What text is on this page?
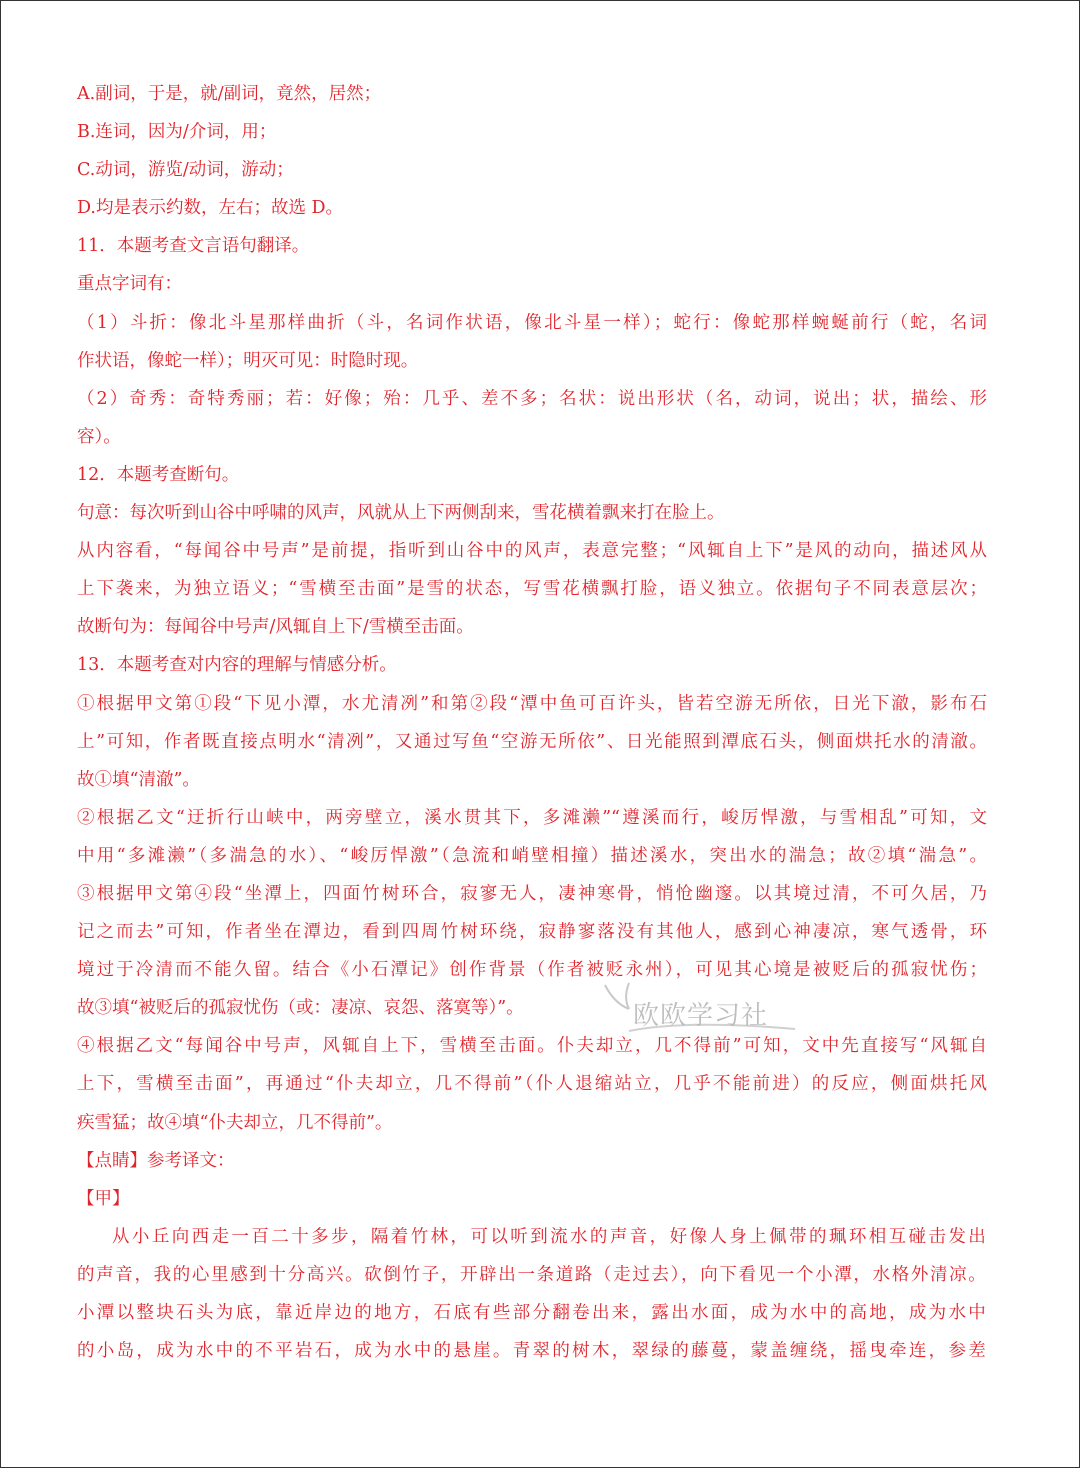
A.副词，于是，就/副词，竟然，居然；
B.连词，因为/介词，用；
C.动词，游览/动词，游动；
D.均是表示约数，左右；故选 D。
11．本题考查文言语句翻译。
重点字词有：
（1）斗折：像北斗星那样曲折（斗，名词作状语，像北斗星一样）；蛇行：像蛇那样蜿蜒前行（蛇，名词
作状语，像蛇一样）；明灭可见：时隐时现。
（2）奇秀：奇特秀丽；若：好像；殆：几乎、差不多；名状：说出形状（名，动词，说出；状，描绘、形
容）。
12．本题考查断句。
句意：每次听到山谷中呼啸的风声，风就从上下两侧刮来，雪花横着飘来打在脸上。
从内容看，“每闻谷中号声”是前提，指听到山谷中的风声，表意完整；“风辄自上下”是风的动向，描述风从
上下袭来，为独立语义；“雪横至击面”是雪的状态，写雪花横飘打脸，语义独立。依据句子不同表意层次；
故断句为：每闻谷中号声/风辄自上下/雪横至击面。
13．本题考查对内容的理解与情感分析。
①根据甲文第①段“下见小潭，水尤清冽”和第②段“潭中鱼可百许头，皆若空游无所依，日光下澈，影布石
上”可知，作者既直接点明水“清冽”，又通过写鱼“空游无所依”、日光能照到潭底石头，侧面烘托水的清澈。
故①填“清澈”。
②根据乙文“迂折行山峡中，两旁壁立，溪水贯其下，多滩濑”“遵溪而行，峻厉悍激，与雪相乱”可知，文
中用“多滩濑”（多湍急的水）、“峻厉悍激”（急流和峭壁相撞）描述溪水，突出水的湍急；故②填“湍急”。
③根据甲文第④段“坐潭上，四面竹树环合，寂寥无人，凄神寒骨，悄怆幽邃。以其境过清，不可久居，乃
记之而去”可知，作者坐在潭边，看到四周竹树环绕，寂静寥落没有其他人，感到心神凄凉，寒气透骨，环
境过于冷清而不能久留。结合《小石潭记》创作背景（作者被贬永州），可见其心境是被贬后的孤寂忧伤；
故③填“被贬后的孤寂忧伤（或：凄凉、哀怨、落寞等）”。
④根据乙文“每闻谷中号声，风辄自上下，雪横至击面。仆夫却立，几不得前”可知，文中先直接写“风辄自
上下，雪横至击面”，再通过“仆夫却立，几不得前”（仆人退缩站立，几乎不能前进）的反应，侧面烘托风
疾雪猛；故④填“仆夫却立，几不得前”。
【点睛】参考译文：
【甲】
从小丘向西走一百二十多步，隔着竹林，可以听到流水的声音，好像人身上佩带的珮环相互碰击发出
的声音，我的心里感到十分高兴。砍倒竹子，开辟出一条道路（走过去），向下看见一个小潭，水格外清凉。
小潭以整块石头为底，靠近岸边的地方，石底有些部分翻卷出来，露出水面，成为水中的高地，成为水中
的小岛，成为水中的不平岩石，成为水中的悬崖。青翠的树木，翠绿的藤蔓，蒙盖缠绕，摇曳牵连，参差
欧欧学习社
